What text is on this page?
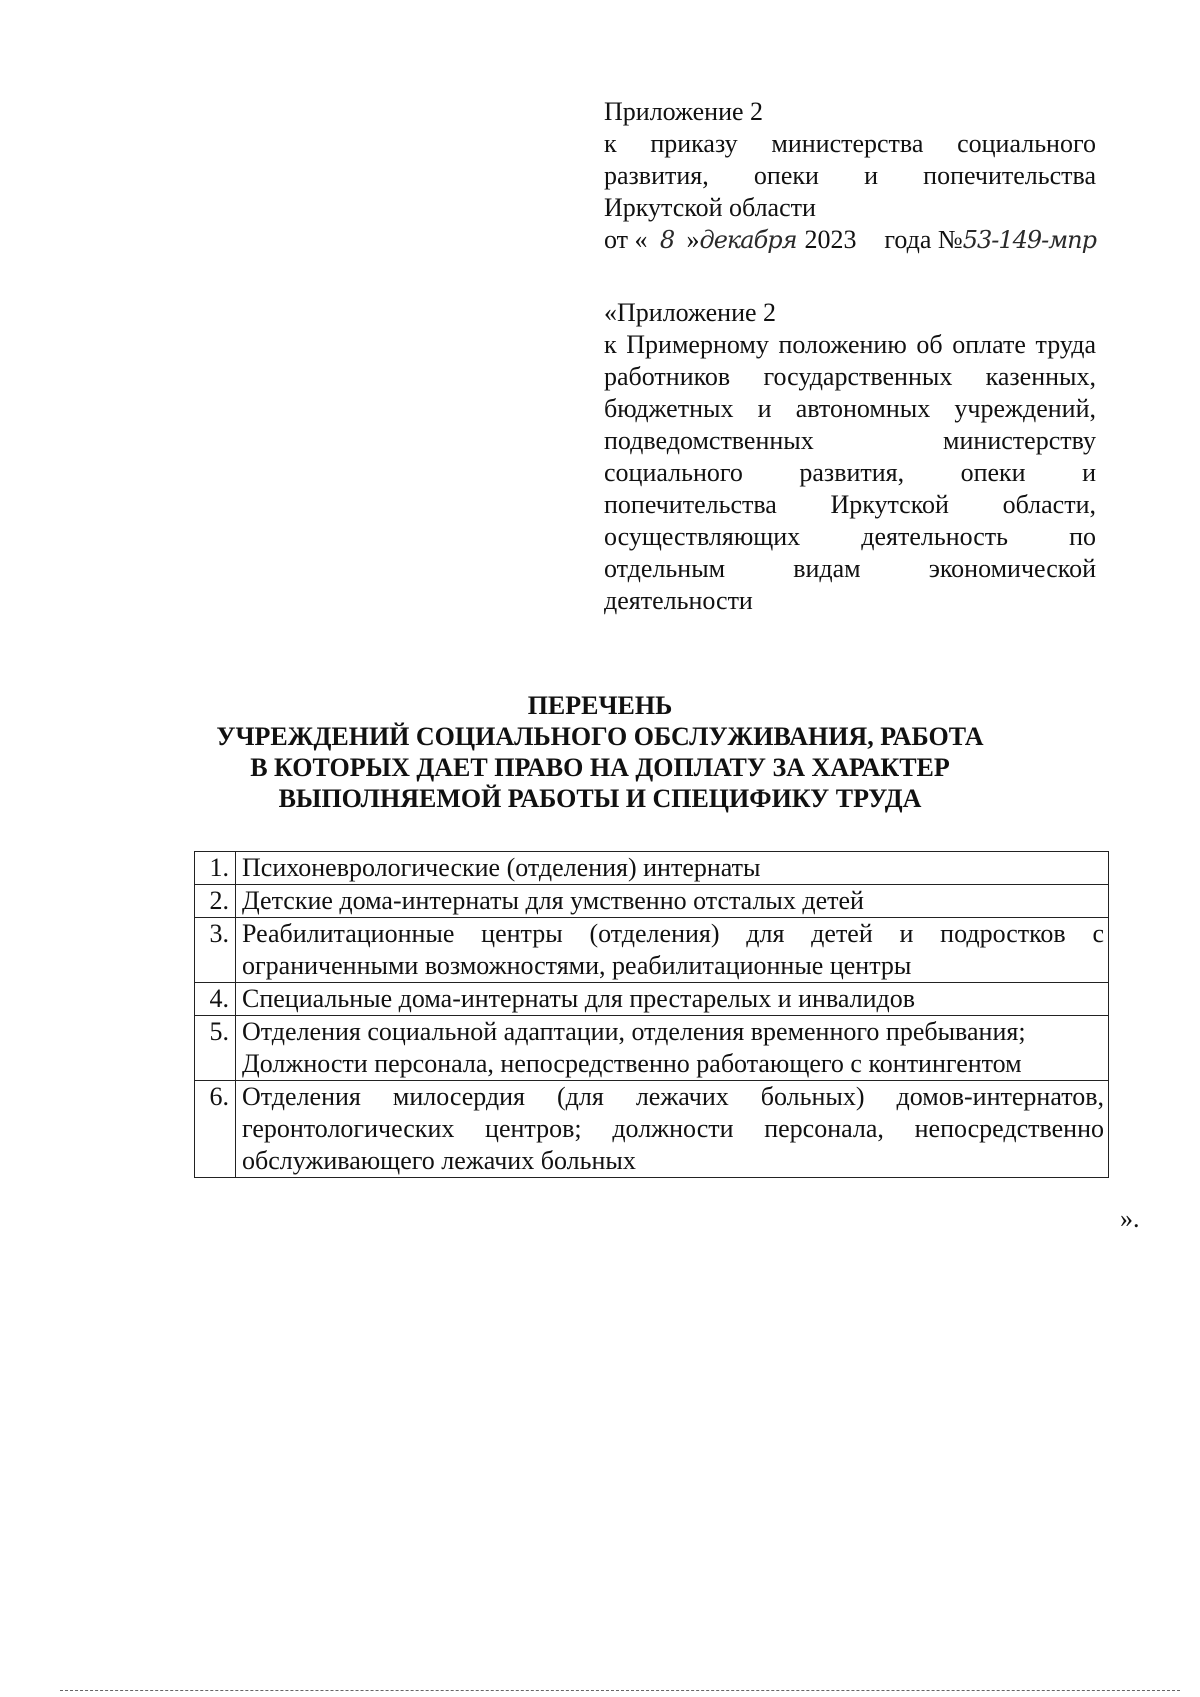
Приложение 2

к приказу министерства социального

развития, опеки и попечительства

Иркутской области

от « 8 » декабря 2023 года № 53-149-мпр

«Приложение 2

к Примерному положению об оплате труда работников государственных казенных, бюджетных и автономных учреждений, подведомственных министерству социального развития, опеки и попечительства Иркутской области, осуществляющих деятельность по отдельным видам экономической деятельности

ПЕРЕЧЕНЬ
УЧРЕЖДЕНИЙ СОЦИАЛЬНОГО ОБСЛУЖИВАНИЯ, РАБОТА
В КОТОРЫХ ДАЕТ ПРАВО НА ДОПЛАТУ ЗА ХАРАКТЕР
ВЫПОЛНЯЕМОЙ РАБОТЫ И СПЕЦИФИКУ ТРУДА
1.	Психоневрологические (отделения) интернаты
2.	Детские дома-интернаты для умственно отсталых детей
3.	Реабилитационные центры (отделения) для детей и подростков с ограниченными возможностями, реабилитационные центры
4.	Специальные дома-интернаты для престарелых и инвалидов
5.	Отделения социальной адаптации, отделения временного пребывания;
Должности персонала, непосредственно работающего с контингентом

6.	Отделения милосердия (для лежачих больных) домов-интернатов, геронтологических центров; должности персонала, непосредственно обслуживающего лежачих больных
».
